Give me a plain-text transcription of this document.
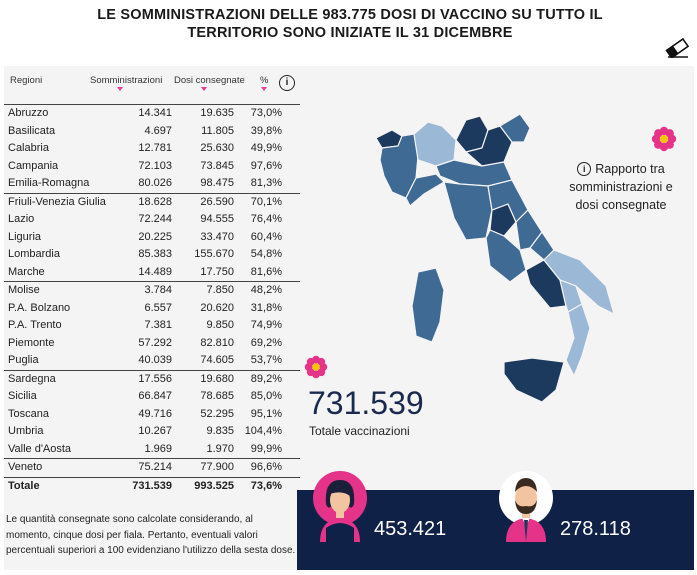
LE SOMMINISTRAZIONI DELLE 983.775 DOSI DI VACCINO SU TUTTO IL TERRITORIO SONO INIZIATE IL 31 DICEMBRE
Regioni	Somministrazioni Dosi consegnate %	i
Abruzzo	14.341	19.635 73,0%
Basilicata	4.697	11.805 39,8%
Calabria	12.781	25.630 49,9%
Campania	72.103	73.845 97,6%
Emilia-Romagna	80.026	98.475 81,3%
Friuli-Venezia Giulia	18.628	26.590 70,1%
Lazio	72.244	94.555 76,4%
Liguria	20.225	33.470 60,4%
Lombardia	85.383 155.670 54,8%
Marche	14.489	17.750 81,6%
Molise	3.784	7.850 48,2%
P.A. Bolzano	6.557	20.620 31,8%
P.A. Trento	7.381	9.850 74,9%
Piemonte	57.292	82.810 69,2%
Puglia	40.039	74.605 53,7%
Sardegna	17.556	19.680 89,2%
Sicilia	66.847	78.685 85,0%
Toscana	49.716	52.295 95,1%
Umbria	10.267	9.835 104,4%
Valle d'Aosta	1.969	1.970 99,9%
Veneto	75.214	77.900 96,6%
Totale	731.539 993.525 73,6%
Le quantità consegnate sono calcolate considerando, al momento, cinque dosi per fiala. Pertanto, eventuali valori percentuali superiori a 100 evidenziano l'utilizzo della sesta dose.
i Rapporto tra somministrazioni e dosi consegnate
731.539
Totale vaccinazioni
453.421	278.118
